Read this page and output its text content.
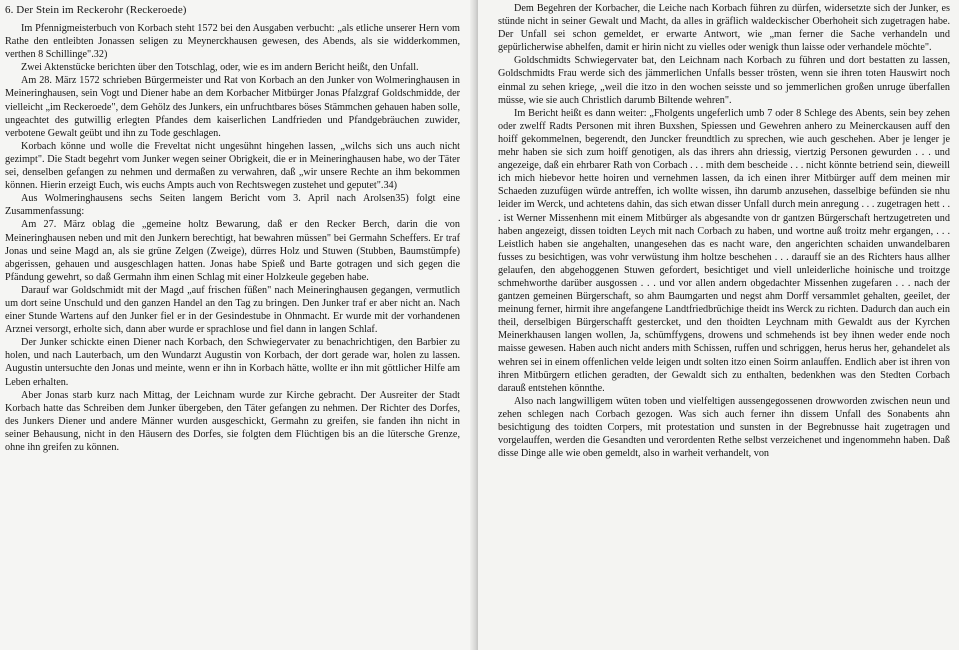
6. Der Stein im Reckerohr (Reckeroede)

Im Pfennigmeisterbuch von Korbach steht 1572 bei den Ausgaben verbucht: „als etliche unserer Hern vom Rathe den entleibten Jonassen seligen zu Meynerckhausen gewesen, des Abends, als sie widderkommen, verthen 8 Schillinge".32)

Zwei Aktenstücke berichten über den Totschlag, oder, wie es im andern Bericht heißt, den Unfall.

Am 28. März 1572 schrieben Bürgermeister und Rat von Korbach an den Junker von Wolmeringhausen in Meineringhausen, sein Vogt und Diener habe an dem Korbacher Mitbürger Jonas Pfalzgraf Goldschmidde, der vielleicht „im Reckeroede", dem Gehölz des Junkers, ein unfruchtbares böses Stämmchen gehauen haben solle, ungeachtet des gutwillig erlegten Pfandes dem kaiserlichen Landfrieden und Pfandgebräuchen zuwider, verbotene Gewalt geübt und ihn zu Tode geschlagen.

Korbach könne und wolle die Freveltat nicht ungesühnt hingehen lassen, „wilchs sich uns auch nicht gezimpt". Die Stadt begehrt vom Junker wegen seiner Obrigkeit, die er in Meineringhausen habe, wo der Täter sei, denselben gefangen zu nehmen und dermaßen zu verwahren, daß „wir unsere Rechte an ihm bekommen können. Hierin erzeigt Euch, wis euchs Ampts auch von Rechtswegen zustehet und geputet".34)

Aus Wolmeringhausens sechs Seiten langem Bericht vom 3. April nach Arolsen35) folgt eine Zusammenfassung:

Am 27. März oblag die „gemeine holtz Bewarung, daß er den Recker Berch, darin die von Meineringhausen neben und mit den Junkern berechtigt, hat bewahren müssen" bei Germahn Scheffers. Er traf Jonas und seine Magd an, als sie grüne Zelgen (Zweige), dürres Holz und Stuwen (Stubben, Baumstümpfe) abgerissen, gehauen und ausgeschlagen hatten. Jonas habe Spieß und Barte gotragen und sich gegen die Pfändung gewehrt, so daß Germahn ihm einen Schlag mit einer Holzkeule gegeben habe.

Darauf war Goldschmidt mit der Magd „auf frischen füßen" nach Meineringhausen gegangen, vermutlich um dort seine Unschuld und den ganzen Handel an den Tag zu bringen. Den Junker traf er aber nicht an. Nach einer Stunde Wartens auf den Junker fiel er in der Gesindestube in Ohnmacht. Er wurde mit der vorhandenen Arznei versorgt, erholte sich, dann aber wurde er sprachlose und fiel dann in langen Schlaf.

Der Junker schickte einen Diener nach Korbach, den Schwiegervater zu benachrichtigen, den Barbier zu holen, und nach Lauterbach, um den Wundarzt Augustin von Korbach, der dort gerade war, holen zu lassen. Augustin untersuchte den Jonas und meinte, wenn er ihn in Korbach hätte, wollte er ihn mit göttlicher Hilfe am Leben erhalten.

Aber Jonas starb kurz nach Mittag, der Leichnam wurde zur Kirche gebracht. Der Ausreiter der Stadt Korbach hatte das Schreiben dem Junker übergeben, den Täter gefangen zu nehmen. Der Richter des Dorfes, des Junkers Diener und andere Männer wurden ausgeschickt, Germahn zu greifen, sie fanden ihn nicht in seiner Behausung, nicht in den Häusern des Dorfes, sie folgten dem Flüchtigen bis an die lütersche Grenze, ohne ihn greifen zu können.

Dem Begehren der Korbacher, die Leiche nach Korbach führen zu dürfen, widersetzte sich der Junker, es stünde nicht in seiner Gewalt und Macht, da alles in gräflich waldeckischer Oberhoheit sich zugetragen habe. Der Unfall sei schon gemeldet, er erwarte Antwort, wie „man ferner die Sache verhandeln und gepürlicherwise abhelfen, damit er hirin nicht zu vielles oder wenigk thun laisse oder verhandele möchte".

Goldschmidts Schwiegervater bat, den Leichnam nach Korbach zu führen und dort bestatten zu lassen, Goldschmidts Frau werde sich des jämmerlichen Unfalls besser trösten, wenn sie ihren toten Hauswirt noch einmal zu sehen kriege, „weil die itzo in den wochen seisste und so jemmerlichen großen unruge überfallen müsse, wie sie auch Christlich darumb Biltende wehren".

Im Bericht heißt es dann weiter: „Fholgents ungeferlich umb 7 oder 8 Schlege des Abents, sein bey zehen oder zwelff Radts Personen mit ihren Buxshen, Spiessen und Gewehren anhero zu Meinerckausen auff den hoiff gekommelnen, begerendt, den Juncker freundtlich zu sprechen, wie auch geschehen. Aber je lenger je mehr haben sie sich zum hoiff genotigen, als das ihrers ahn driessig, viertzig Personen gewurden . . . und angezeige, daß ein ehrbarer Rath von Corbach . . . mith dem bescheide . . . nicht könnte betriend sein, dieweill ich mich hiebevor hette hoiren und vernehmen lassen, da ich einen ihrer Mitbürger auff dem meinen mir Schaeden zuzufügen würde antreffen, ich wollte wissen, ihn darumb anzusehen, dasselbige befünden sie nhu leider im Werck, und achtetens dahin, das sich etwan disser Unfall durch mein anregung . . . zugetragen hett . . . ist Werner Missenhenn mit einem Mitbürger als abgesandte von dr gantzen Bürgerschaft hertzugetreten und haben angezeigt, dissen toidten Leych mit nach Corbach zu haben, und wortne auß troitz mehr ergangen, . . . Leistlich haben sie angehalten, unangesehen das es nacht ware, den angerichten schaiden unwandelbaren fusses zu besichtigen, was vohr verwüstung ihm holtze beschehen . . . darauff sie an des Richters haus allher gelaufen, den abgehoggenen Stuwen gefordert, besichtiget und viell unleiderliche hoinische und troitzge schmehworthe darüber ausgossen . . . und vor allen andern obgedachter Missenhen zugefaren . . . nach der gantzen gemeinen Bürgerschaft, so ahm Baumgarten und negst ahm Dorff versammlet gehalten, geeilet, der meinung ferner, hirmit ihre angefangene Landtfriedbrüchige theidt ins Werck zu richten. Dadurch dan auch ein theil, derselbigen Bürgerschafft gestercket, und den thoidten Leychnam mith Gewaldt aus der Kyrchen Meinerkhausen langen wollen, Ja, schümffygens, drowens und schmehends ist bey ihnen weder ende noch maisse gewesen. Haben auch nicht anders mith Schissen, ruffen und schriggen, herus herus her, gehandelet als wehren sei in einem offenlichen velde leigen undt solten itzo einen Soirm anlauffen. Endlich aber ist ihren von ihren Mitbürgern etlichen geradten, der Gewaldt sich zu enthalten, bedenkhen was den Stedten Corbach darauß entstehen könnthe.

Also nach langwilligem wüten toben und vielfeltigen aussengegossenen drowworden zwischen neun und zehen schlegen nach Corbach gezogen. Was sich auch ferner ihn dissem Unfall des Sonabents ahn besichtigung des toidten Corpers, mit protestation und sunsten in der Begrebnusse hait zugetragen und vorgelauffen, werden die Gesandten und verordenten Rethe selbst verzeichenet und ingenommehn haben. Daß disse Dinge alle wie oben gemeldt, also in warheit verhandelt, von
